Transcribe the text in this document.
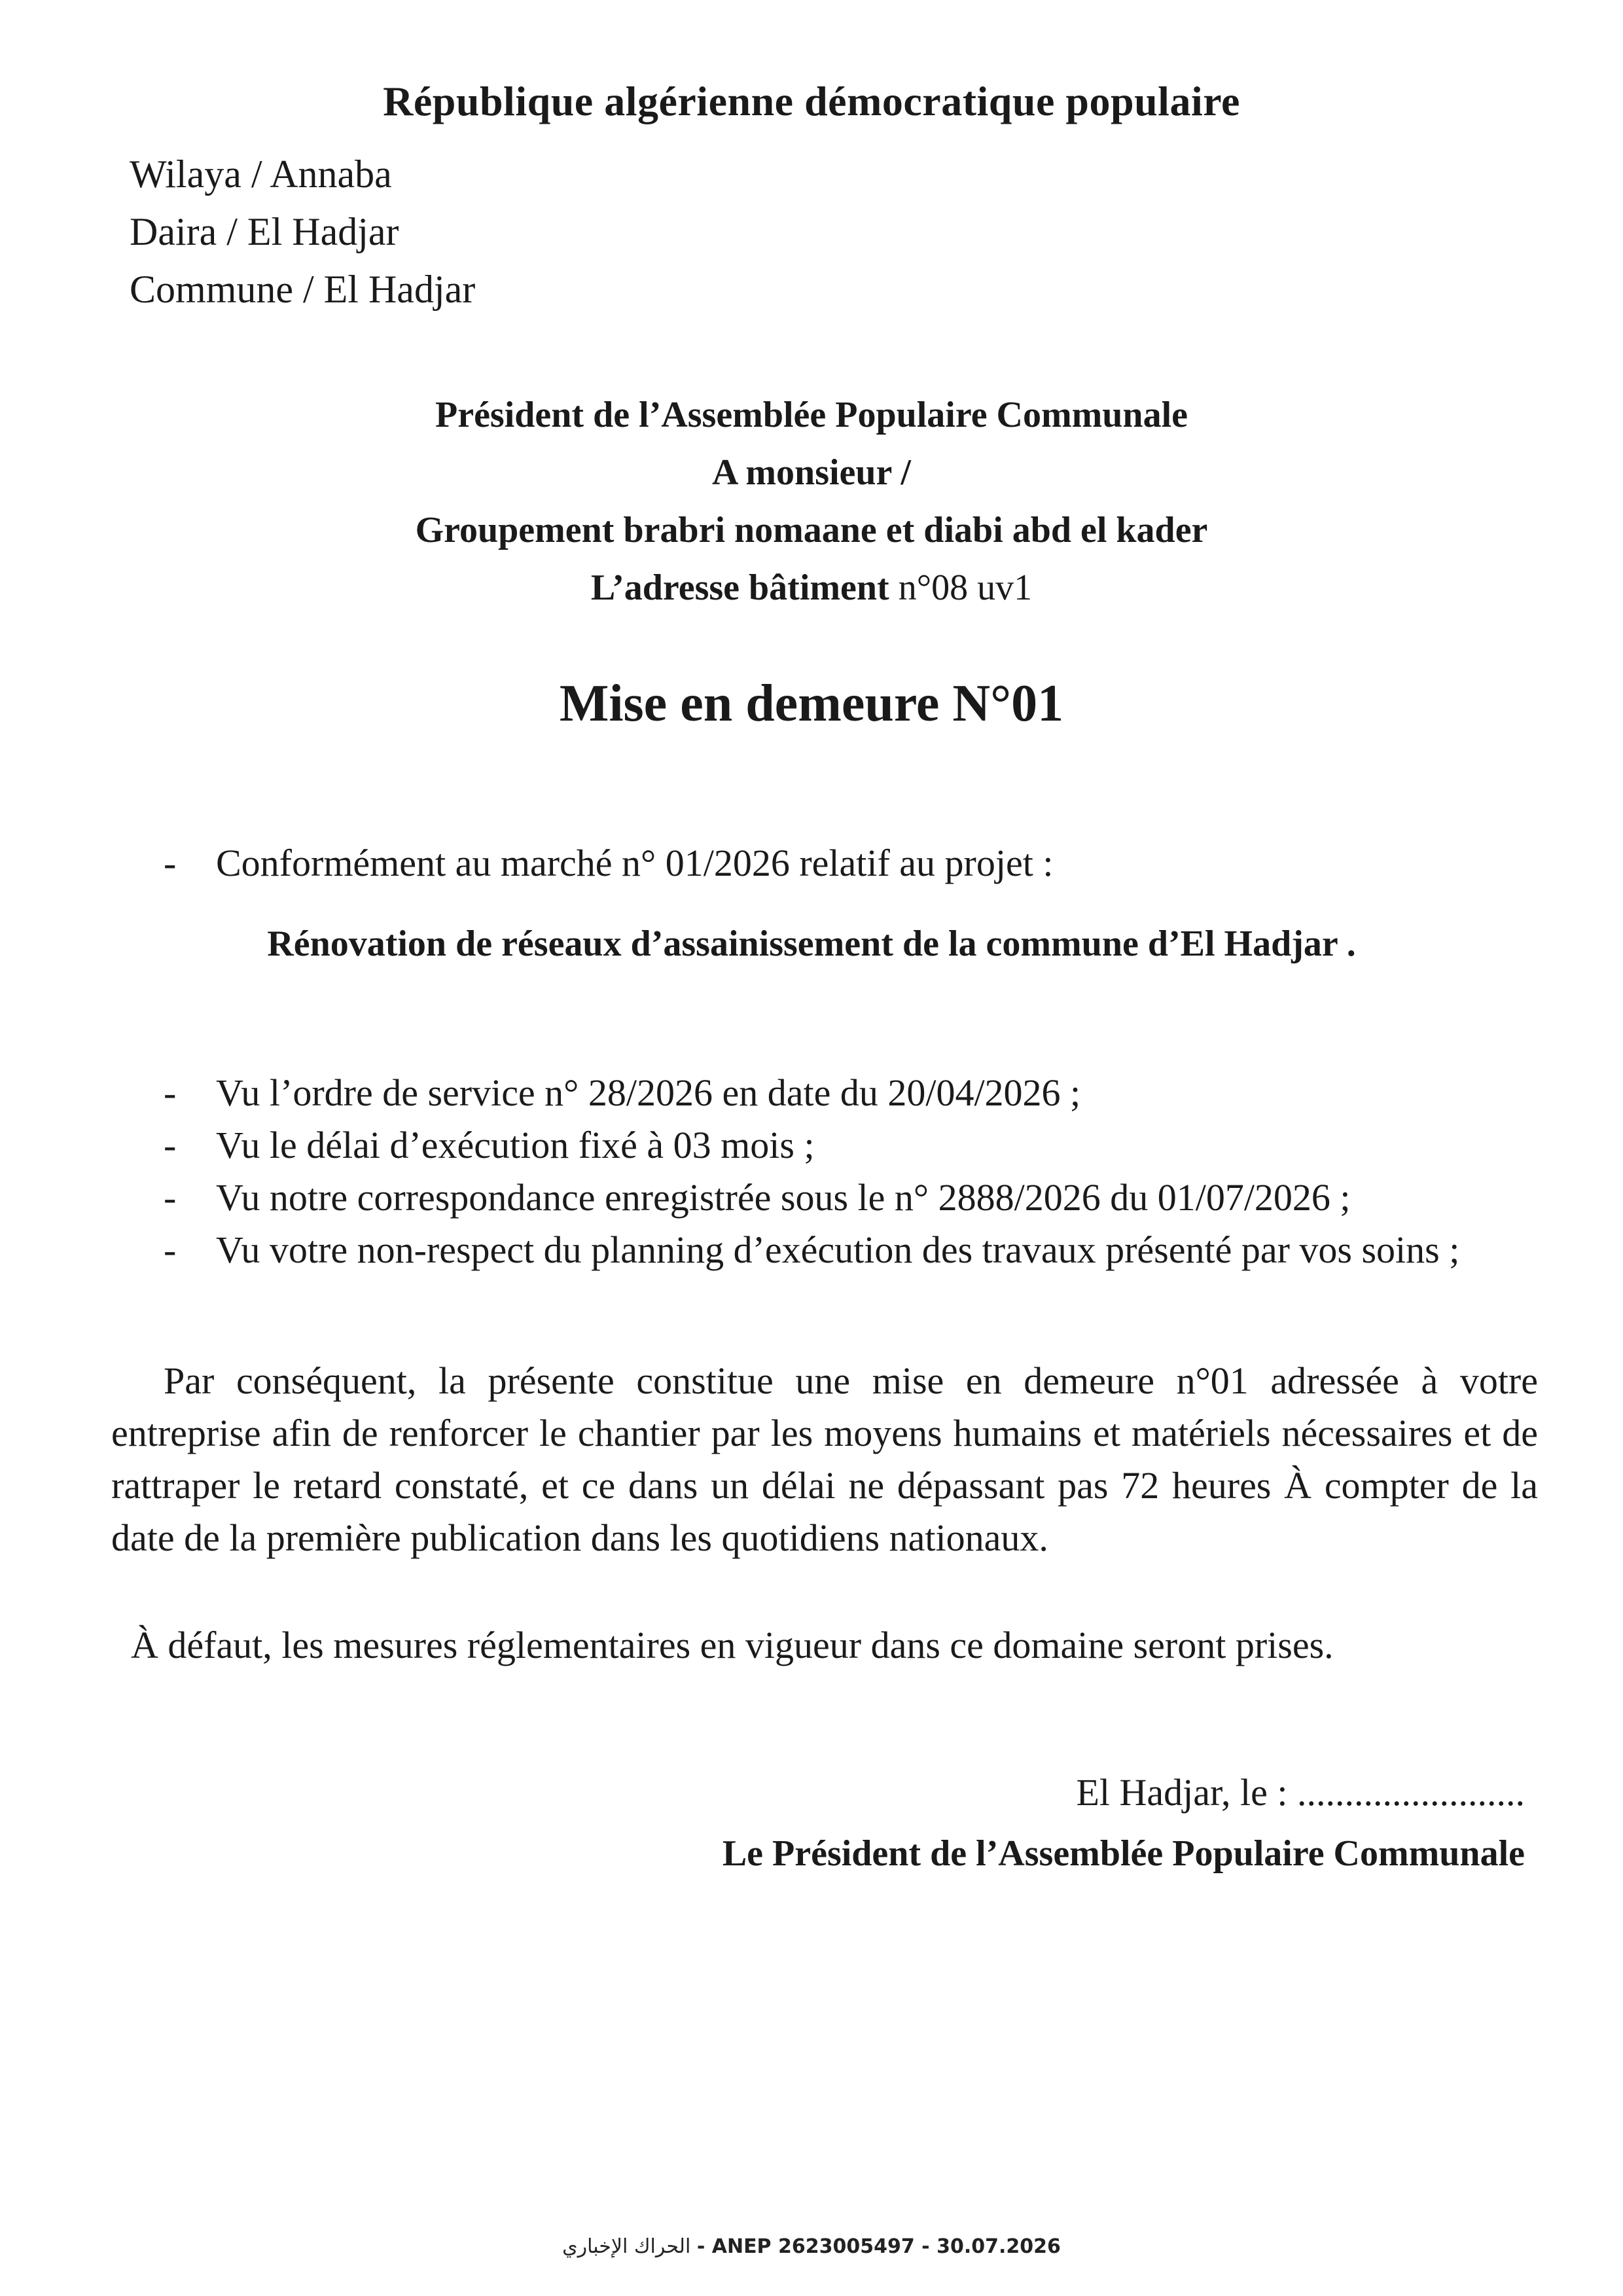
République algérienne démocratique populaire
Wilaya / Annaba
Daira / El Hadjar
Commune / El Hadjar
Président de l’Assemblée Populaire Communale
A monsieur /
Groupement brabri nomaane et diabi abd el kader
L’adresse bâtiment n°08 uv1
Mise en demeure N°01
- Conformément au marché n° 01/2026 relatif au projet :
Rénovation de réseaux d’assainissement de la commune d’El Hadjar .
- Vu l’ordre de service n° 28/2026 en date du 20/04/2026 ;
- Vu le délai d’exécution fixé à 03 mois ;
- Vu notre correspondance enregistrée sous le n° 2888/2026 du 01/07/2026 ;
- Vu votre non-respect du planning d’exécution des travaux présenté par vos soins ;

Par conséquent, la présente constitue une mise en demeure n°01 adressée à votre entreprise afin de renforcer le chantier par les moyens humains et matériels nécessaires et de rattraper le retard constaté, et ce dans un délai ne dépassant pas 72 heures À compter de la date de la première publication dans les quotidiens nationaux.

À défaut, les mesures réglementaires en vigueur dans ce domaine seront prises.

El Hadjar, le : ........................
Le Président de l’Assemblée Populaire Communale
الحراك الإخباري - ANEP 2623005497 - 30.07.2026
